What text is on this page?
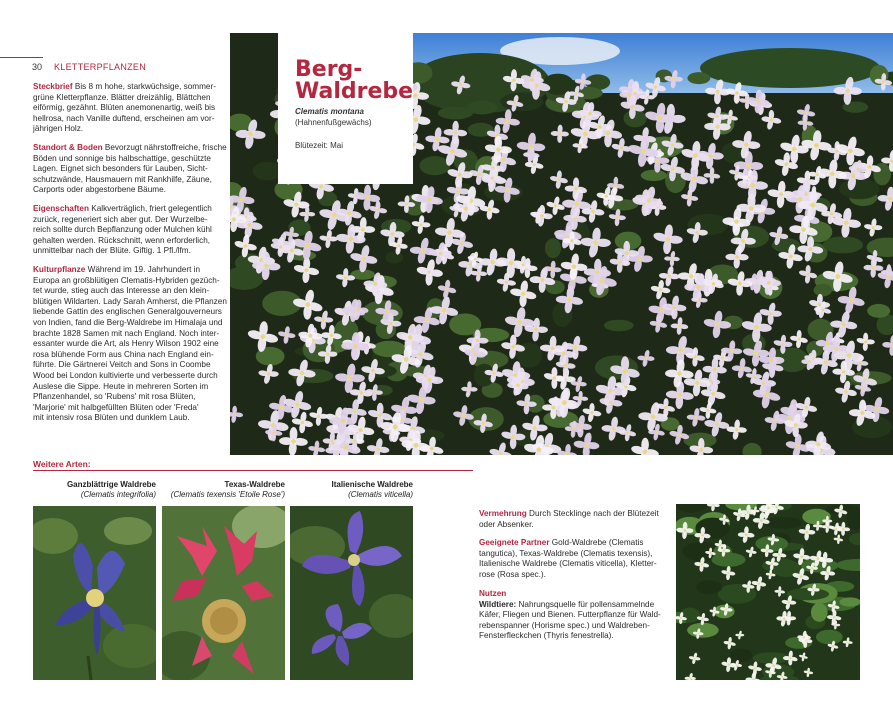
30 KLETTERPFLANZEN
Steckbrief Bis 8 m hohe, starkwüchsige, sommer-
grüne Kletterpflanze. Blätter dreizählig, Blättchen
eiförmig, gezähnt. Blüten anemonenartig, weiß bis
hellrosa, nach Vanille duftend, erscheinen am vor-
jährigen Holz.
Standort & Boden Bevorzugt nährstoffreiche, frische
Böden und sonnige bis halbschattige, geschützte
Lagen. Eignet sich besonders für Lauben, Sicht-
schutzwände, Hausmauern mit Rankhilfe, Zäune,
Carports oder abgestorbene Bäume.
Eigenschaften Kalkverträglich, friert gelegentlich
zurück, regeneriert sich aber gut. Der Wurzelbe-
reich sollte durch Bepflanzung oder Mulchen kühl
gehalten werden. Rückschnitt, wenn erforderlich,
unmittelbar nach der Blüte. Giftig. 1 Pfl./lfm.
Kulturpflanze Während im 19. Jahrhundert in
Europa an großblütigen Clematis-Hybriden gezüch-
tet wurde, stieg auch das Interesse an den klein-
blütigen Wildarten. Lady Sarah Amherst, die Pflanzen
liebende Gattin des englischen Generalgouverneurs
von Indien, fand die Berg-Waldrebe im Himalaja und
brachte 1828 Samen mit nach England. Noch inter-
essanter wurde die Art, als Henry Wilson 1902 eine
rosa blühende Form aus China nach England ein-
führte. Die Gärtnerei Veitch and Sons in Coombe
Wood bei London kultivierte und verbesserte durch
Auslese die Sippe. Heute in mehreren Sorten im
Pflanzenhandel, so 'Rubens' mit rosa Blüten,
'Marjorie' mit halbgefüllten Blüten oder 'Freda'
mit intensiv rosa Blüten und dunklem Laub.
Berg-
Waldrebe
Clematis montana
(Hahnenfußgewächs)
Blütezeit: Mai
Weitere Arten:
Ganzblättrige Waldrebe
(Clematis integrifolia)
Texas-Waldrebe
(Clematis texensis 'Etoile Rose')
Italienische Waldrebe
(Clematis viticella)
Vermehrung Durch Stecklinge nach der Blütezeit
oder Absenker.
Geeignete Partner Gold-Waldrebe (Clematis
tangutica), Texas-Waldrebe (Clematis texensis),
Italienische Waldrebe (Clematis viticella), Kletter-
rose (Rosa spec.).
Nutzen
Wildtiere: Nahrungsquelle für pollensammelnde
Käfer, Fliegen und Bienen. Futterpflanze für Wald-
rebenspanner (Horisme spec.) und Waldreben-
Fensterfleckchen (Thyris fenestrella).
